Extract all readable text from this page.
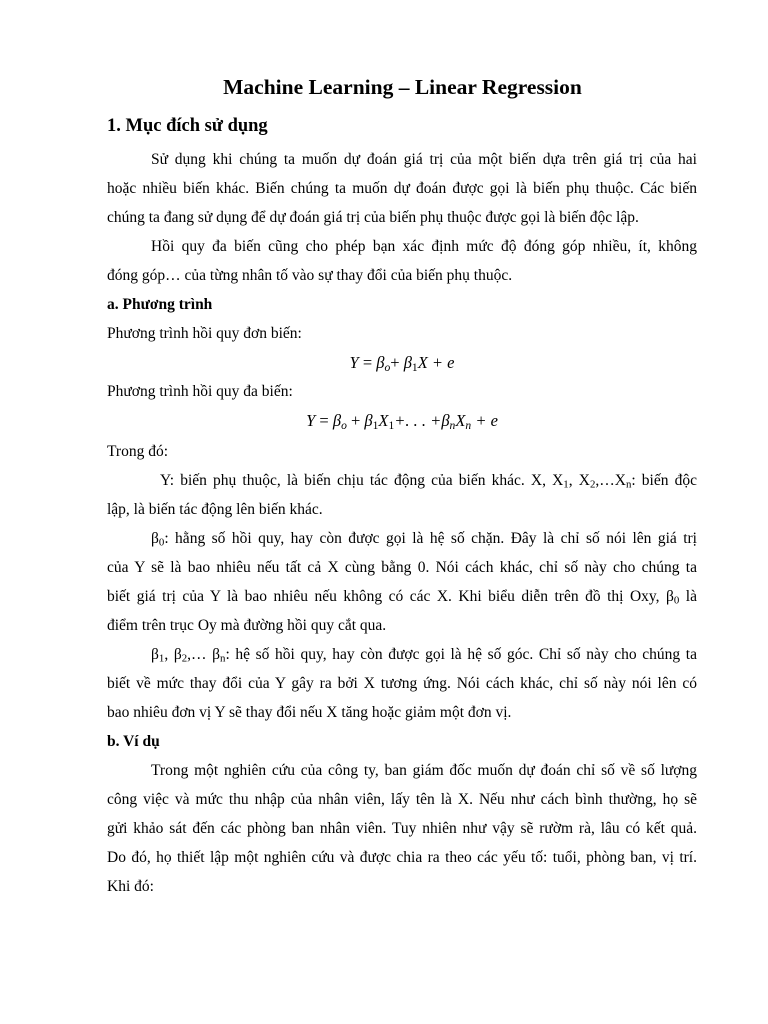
Machine Learning – Linear Regression
1. Mục đích sử dụng
Sử dụng khi chúng ta muốn dự đoán giá trị của một biến dựa trên giá trị của hai
hoặc nhiều biến khác. Biến chúng ta muốn dự đoán được gọi là biến phụ thuộc. Các biến
chúng ta đang sử dụng để dự đoán giá trị của biến phụ thuộc được gọi là biến độc lập.
Hồi quy đa biến cũng cho phép bạn xác định mức độ đóng góp nhiều, ít, không
đóng góp… của từng nhân tố vào sự thay đổi của biến phụ thuộc.
a. Phương trình
Phương trình hồi quy đơn biến:
$Y = \beta_o+ \beta_1X + e$
Phương trình hồi quy đa biến:
$Y = \beta_o + \beta_1X_1+$. . . $+\beta_nX_n + e$
Trong đó:
Y: biến phụ thuộc, là biến chịu tác động của biến khác. X, $X_1$, $X_2,\dots X_n$: biến độc
lập, là biến tác động lên biến khác.
$\beta_0$: hằng số hồi quy, hay còn được gọi là hệ số chặn. Đây là chỉ số nói lên giá trị
của Y sẽ là bao nhiêu nếu tất cả X cùng bằng 0. Nói cách khác, chỉ số này cho chúng ta
biết giá trị của Y là bao nhiêu nếu không có các X. Khi biểu diễn trên đồ thị Oxy, $\beta_0$ là
điểm trên trục Oy mà đường hồi quy cắt qua.
$\beta_1$, $\beta_2,\dots$ $\beta_n$: hệ số hồi quy, hay còn được gọi là hệ số góc. Chỉ số này cho chúng ta
biết về mức thay đổi của Y gây ra bởi X tương ứng. Nói cách khác, chỉ số này nói lên có
bao nhiêu đơn vị Y sẽ thay đổi nếu X tăng hoặc giảm một đơn vị.
b. Ví dụ
Trong một nghiên cứu của công ty, ban giám đốc muốn dự đoán chỉ số về số lượng
công việc và mức thu nhập của nhân viên, lấy tên là X. Nếu như cách bình thường, họ sẽ
gửi khảo sát đến các phòng ban nhân viên. Tuy nhiên như vậy sẽ rườm rà, lâu có kết quả.
Do đó, họ thiết lập một nghiên cứu và được chia ra theo các yếu tố: tuổi, phòng ban, vị trí.
Khi đó:
